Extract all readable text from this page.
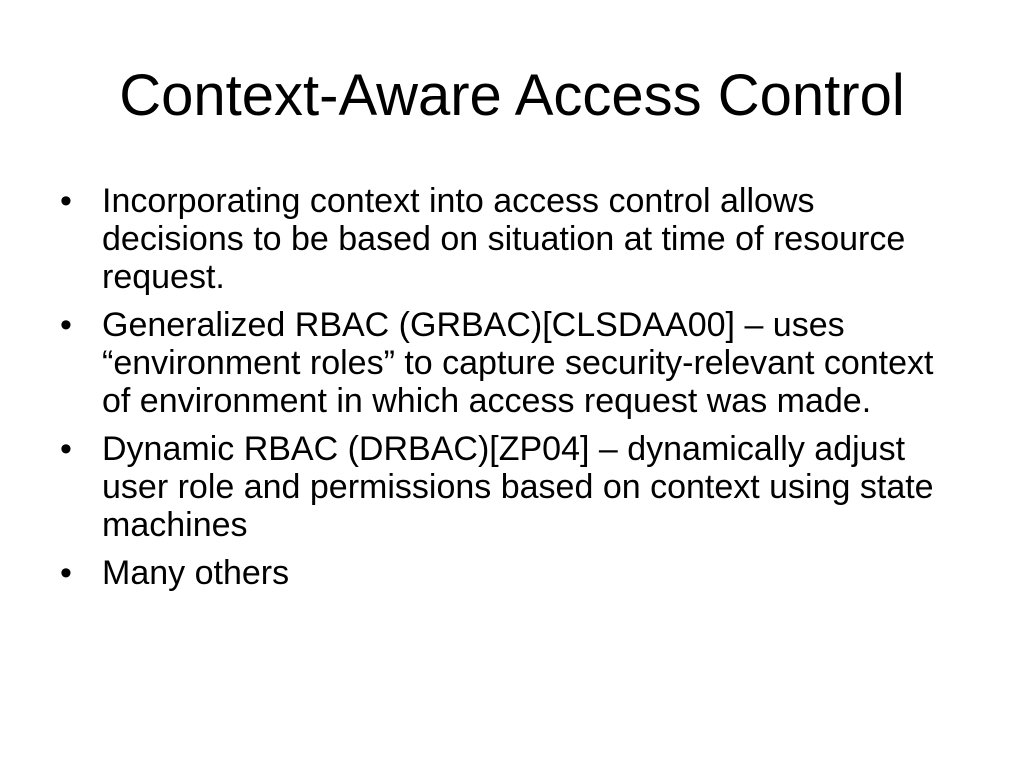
Context-Aware Access Control
• Incorporating context into access control allows decisions to be based on situation at time of resource request.
• Generalized RBAC (GRBAC)[CLSDAA00] – uses “environment roles” to capture security-relevant context of environment in which access request was made.
• Dynamic RBAC (DRBAC)[ZP04] – dynamically adjust user role and permissions based on context using state machines
• Many others
